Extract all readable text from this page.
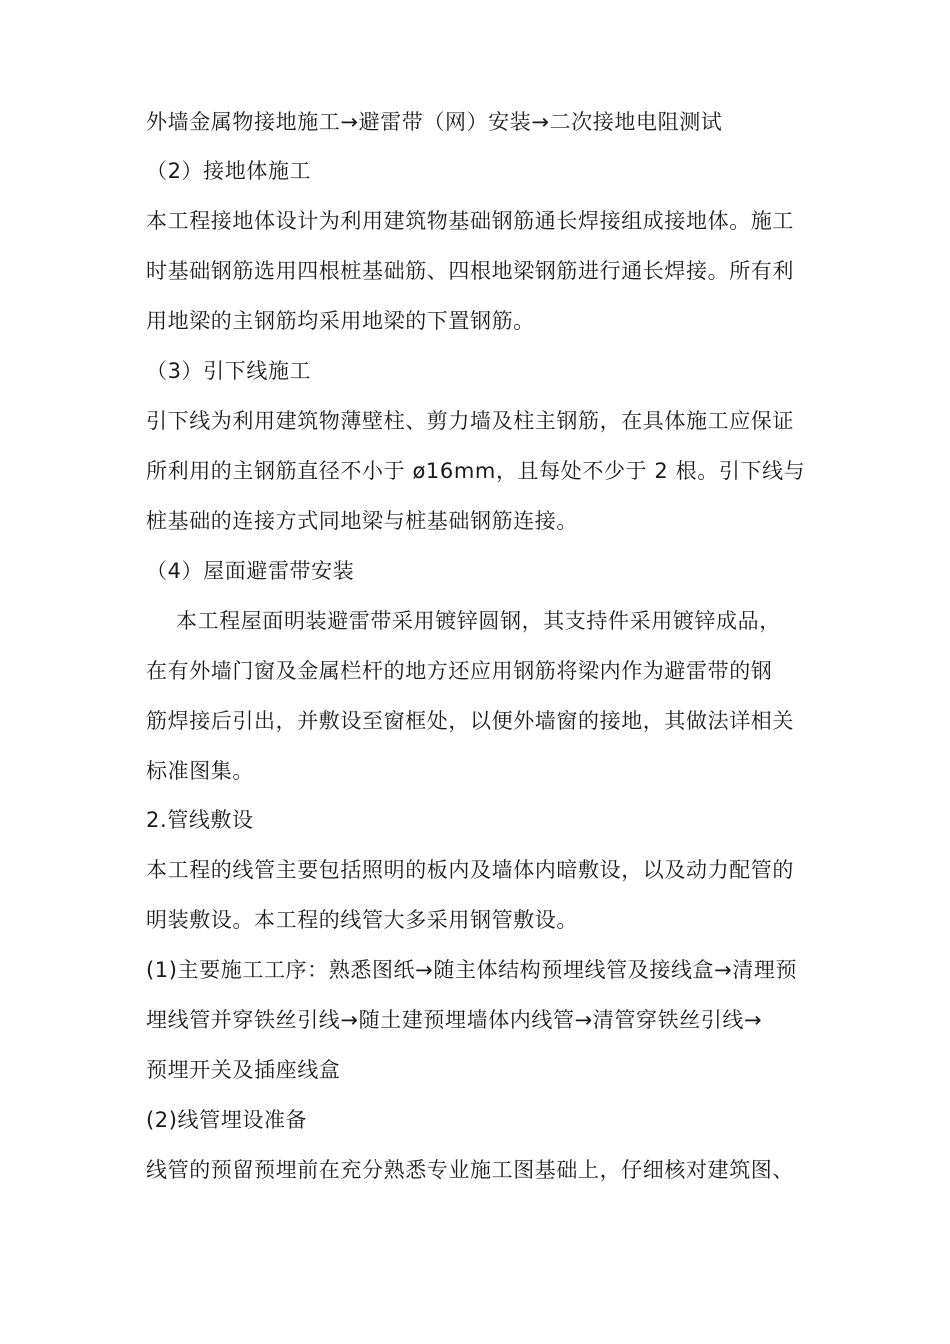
外墙金属物接地施工→避雷带（网）安装→二次接地电阻测试
（2）接地体施工
本工程接地体设计为利用建筑物基础钢筋通长焊接组成接地体。施工
时基础钢筋选用四根桩基础筋、四根地梁钢筋进行通长焊接。所有利
用地梁的主钢筋均采用地梁的下置钢筋。
（3）引下线施工
引下线为利用建筑物薄壁柱、剪力墙及柱主钢筋，在具体施工应保证
所利用的主钢筋直径不小于 ø16mm，且每处不少于 2 根。引下线与
桩基础的连接方式同地梁与桩基础钢筋连接。
（4）屋面避雷带安装
本工程屋面明装避雷带采用镀锌圆钢，其支持件采用镀锌成品，
在有外墙门窗及金属栏杆的地方还应用钢筋将梁内作为避雷带的钢
筋焊接后引出，并敷设至窗框处，以便外墙窗的接地，其做法详相关
标准图集。
2.管线敷设
本工程的线管主要包括照明的板内及墙体内暗敷设，以及动力配管的
明装敷设。本工程的线管大多采用钢管敷设。
(1)主要施工工序：熟悉图纸→随主体结构预埋线管及接线盒→清理预
埋线管并穿铁丝引线→随土建预埋墙体内线管→清管穿铁丝引线→
预埋开关及插座线盒
(2)线管埋设准备
线管的预留预埋前在充分熟悉专业施工图基础上，仔细核对建筑图、
